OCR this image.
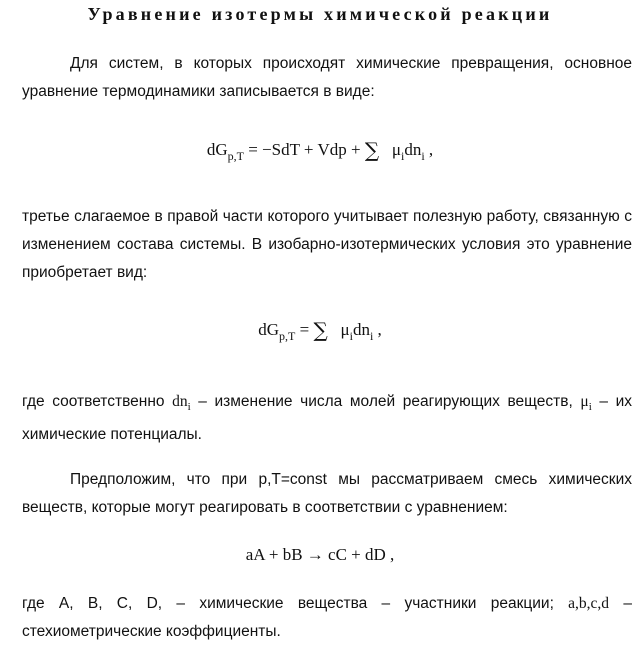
Уравнение изотермы химической реакции
Для систем, в которых происходят химические превращения, основное уравнение термодинамики записывается в виде:
$dG_{p,T} = -SdT$ + Vdp + ∑ $\mu_idn_i$ ,
третье слагаемое в правой части которого учитывает полезную работу, связанную с изменением состава системы. В изобарно-изотермических условия это уравнение приобретает вид:
$dG_{p,T}$ = ∑ $\mu_idn_i$ ,
где соответственно $dn_i$ – изменение числа молей реагирующих веществ, $\mu_i$ – их химические потенциалы.
Предположим, что при p,T=const мы рассматриваем смесь химических веществ, которые могут реагировать в соответствии с уравнением:
aA + bB → cC + dD ,
где A, B, C, D, – химические вещества – участники реакции; a,b,c,d – стехиометрические коэффициенты.
